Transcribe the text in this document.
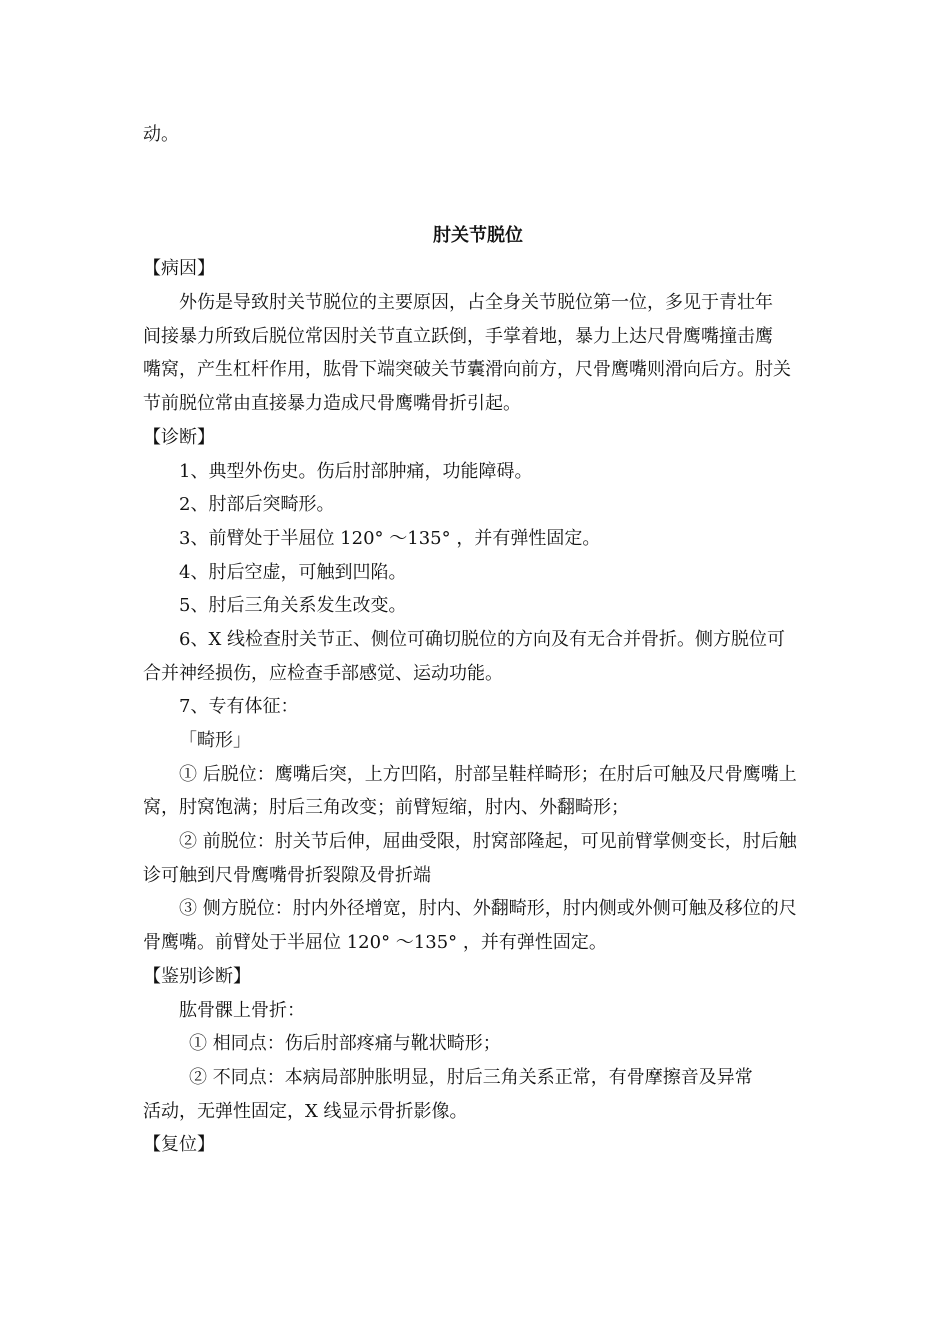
动。
肘关节脱位
【病因】
外伤是导致肘关节脱位的主要原因，占全身关节脱位第一位，多见于青壮年
间接暴力所致后脱位常因肘关节直立跃倒，手掌着地，暴力上达尺骨鹰嘴撞击鹰
嘴窝，产生杠杆作用，肱骨下端突破关节囊滑向前方，尺骨鹰嘴则滑向后方。肘关
节前脱位常由直接暴力造成尺骨鹰嘴骨折引起。
【诊断】
1、典型外伤史。伤后肘部肿痛，功能障碍。
2、肘部后突畸形。
3、前臂处于半屈位 120° ～135° ，并有弹性固定。
4、肘后空虚，可触到凹陷。
5、肘后三角关系发生改变。
6、X 线检查肘关节正、侧位可确切脱位的方向及有无合并骨折。侧方脱位可
合并神经损伤，应检查手部感觉、运动功能。
7、专有体征：
「畸形」
① 后脱位：鹰嘴后突，上方凹陷，肘部呈鞋样畸形；在肘后可触及尺骨鹰嘴上
窝，肘窝饱满；肘后三角改变；前臂短缩，肘内、外翻畸形；
② 前脱位：肘关节后伸，屈曲受限，肘窝部隆起，可见前臂掌侧变长，肘后触
诊可触到尺骨鹰嘴骨折裂隙及骨折端
③ 侧方脱位：肘内外径增宽，肘内、外翻畸形，肘内侧或外侧可触及移位的尺
骨鹰嘴。前臂处于半屈位 120° ～135° ，并有弹性固定。
【鉴别诊断】
肱骨髁上骨折：
① 相同点：伤后肘部疼痛与靴状畸形；
② 不同点：本病局部肿胀明显，肘后三角关系正常，有骨摩擦音及异常
活动，无弹性固定，X 线显示骨折影像。
【复位】
